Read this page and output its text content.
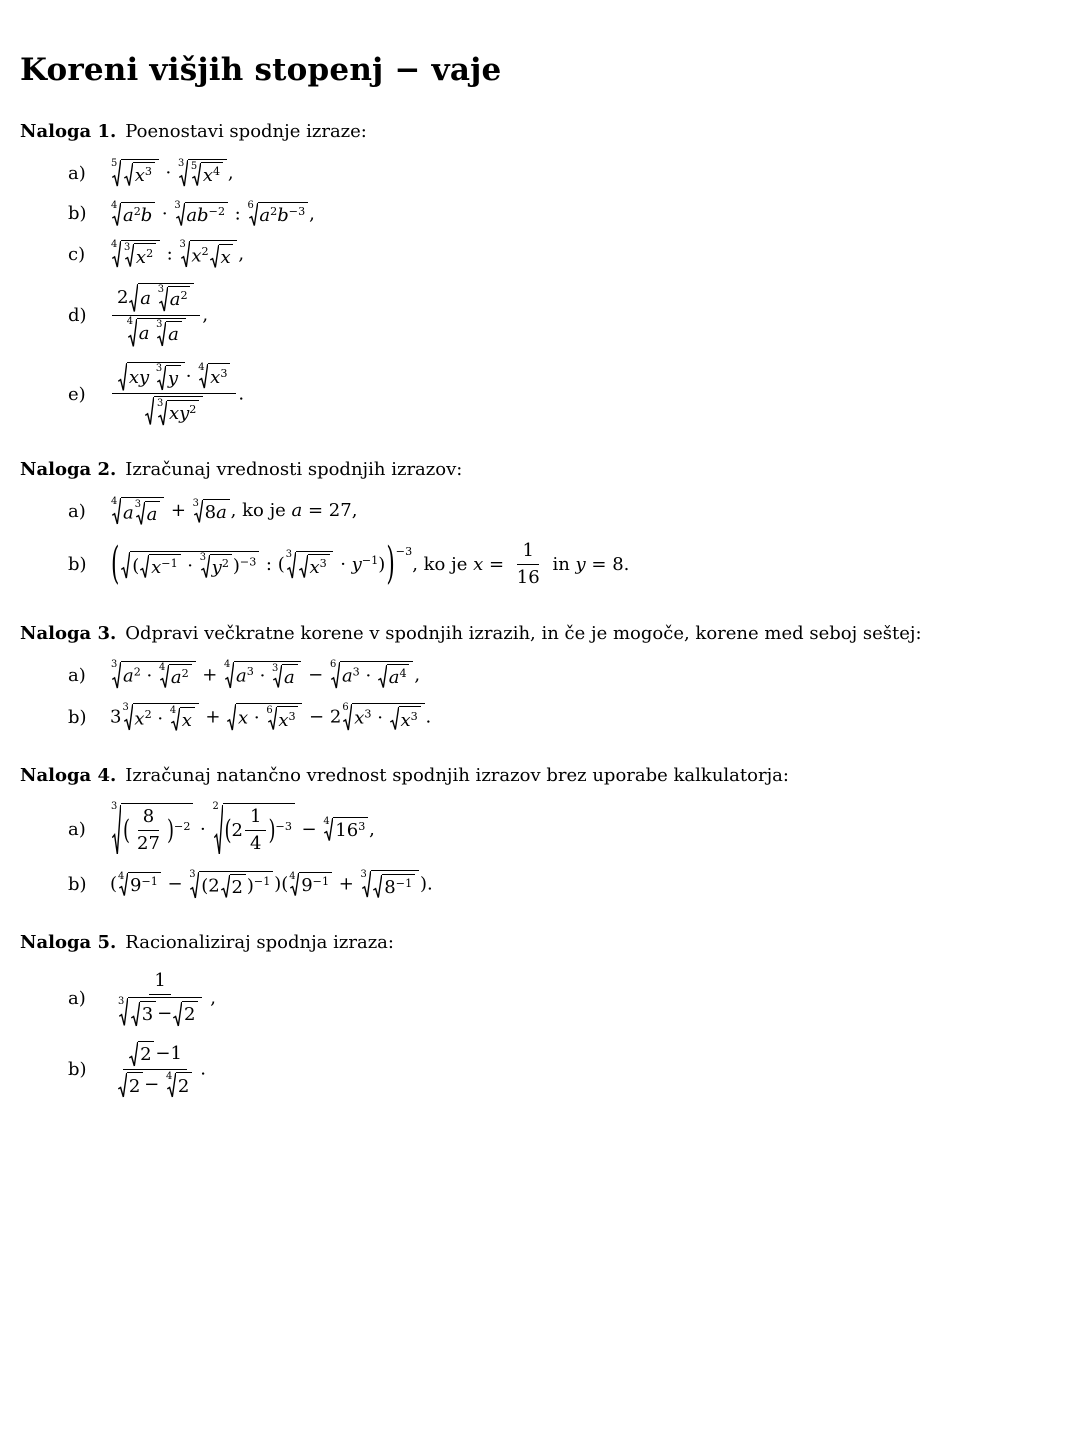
Koreni višjih stopenj − vaje
Naloga 1. Poenostavi spodnje izraze:
a)	5
$x^3 \cdot 3$ 5 $x^4$ ,
b)	4 $a^2b \cdot 3$ $ab^{-2}$ : 6 $a^2b^{-3}$ ,
c)	4 3 $x^2$ : 3
$x^2$ x ,
d)	2 a 3 $a^2$
4
a 3 a ,
e)	$\frac{xy 3 y \cdot 4 x^3}{3 xy^2}$ .
Naloga 2. Izračunaj vrednosti spodnjih izrazov:
a)	4
a 3 a + 3 8a , ko je a = 27,
b)	( ( $x^{-1} \cdot 3$ $y^2$ )$^{-3}$ : ( 3
$x^3 \cdot y^{-1}))^{-3}$, ko je $x = \frac{1}{16}$ in y = 8.
Naloga 3. Odpravi večkratne korene v spodnjih izrazih, in če je mogoče, korene med seboj seštej:
a)	3
$a^2 \cdot 4$ $a^2 + 4$
$a^3 \cdot 3$ a − 6
$a^3 \cdot a^4$ ,
b)	3 3
$x^2 \cdot 4$ x + x · 6 $x^3 - 2$ 6
$x^3 \cdot x^3$ .
Naloga 4. Izračunaj natančno vrednost spodnjih izrazov brez uporabe kalkulatorja:
a)
3
( $\frac{8}{27} )^{-2}$ ·
2
$(2 \frac{1}{4} )^{-3} - 4$ $16^3$ ,
b)	( 4 $9^{-1} - 3$
(2 2 )$^{-1}$ )( 4 $9^{-1} + 3$
$8^{-1}$ ).
Naloga 5. Racionaliziraj spodnja izraza:
a)	1
3
3 − 2 ,
b)	$\frac{2 -1}{2 - 4 2}$ .
